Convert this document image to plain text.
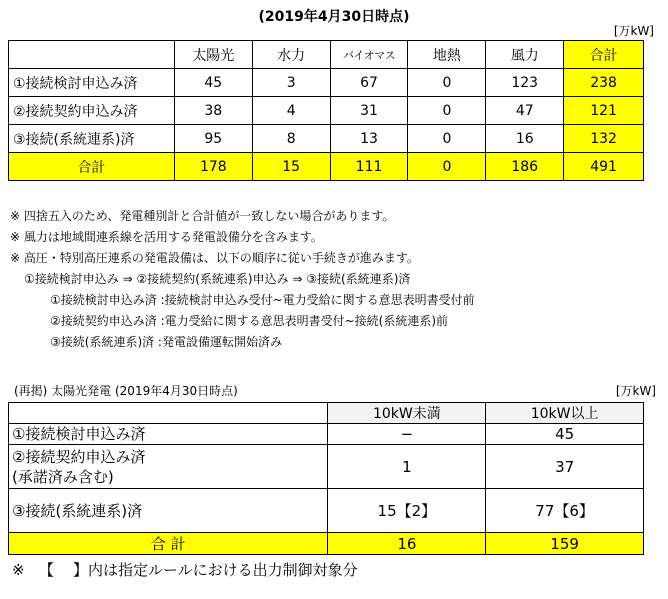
(2019年4月30日時点)
[万kW]
	太陽光	水力	バイオマス	地熱	風力	合計
①接続検討申込み済	45	3	67	0	123	238
②接続契約申込み済	38	4	31	0	47	121
③接続(系統連系)済	95	8	13	0	16	132
合計	178	15	111	0	186	491
※ 四捨五入のため、発電種別計と合計値が一致しない場合があります。
※ 風力は地域間連系線を活用する発電設備分を含みます。
※ 高圧・特別高圧連系の発電設備は、以下の順序に従い手続きが進みます。
①接続検討申込み ⇒ ②接続契約(系統連系)申込み ⇒ ③接続(系統連系)済
①接続検討申込み済 :接続検討申込み受付~電力受給に関する意思表明書受付前
②接続契約申込み済 :電力受給に関する意思表明書受付~接続(系統連系)前
③接続(系統連系)済 :発電設備運転開始済み
(再掲) 太陽光発電 (2019年4月30日時点)	[万kW]
	10kW未満	10kW以上
①接続検討申込み済	−	45

②接続契約申込み済
(承諾済み含む)	1	37
③接続(系統連系)済	15【2】	77【6】
合 計	16	159
※   【    】内は指定ルールにおける出力制御対象分
